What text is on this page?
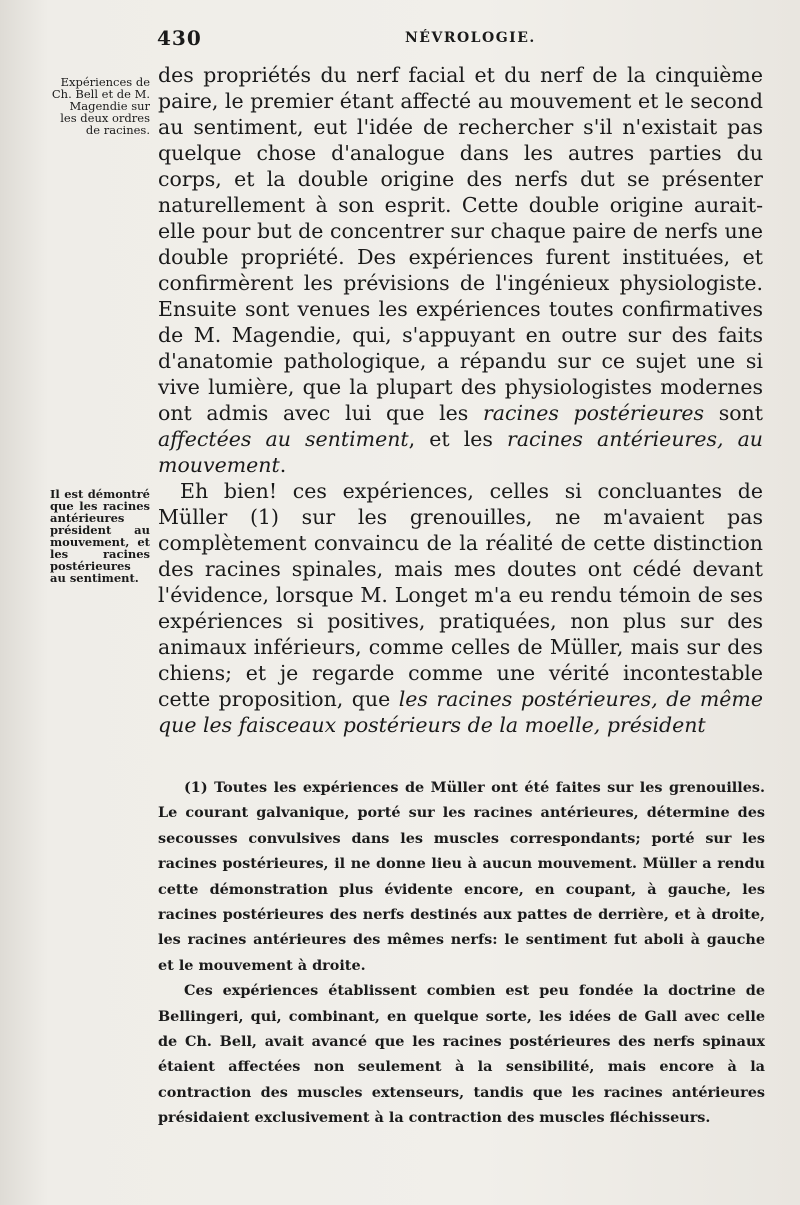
430	NÉVROLOGIE.
Expériences de Ch. Bell et de M. Magendie sur les deux ordres de racines.
Il est démontré que les racines antérieures président au mouvement, et les racines postérieures au sentiment.

des propriétés du nerf facial et du nerf de la cinquième paire, le premier étant affecté au mouvement et le second au sentiment, eut l'idée de rechercher s'il n'existait pas quelque chose d'analogue dans les autres parties du corps, et la double origine des nerfs dut se présenter naturellement à son esprit. Cette double origine aurait-elle pour but de concentrer sur chaque paire de nerfs une double propriété. Des expériences furent instituées, et confirmèrent les prévisions de l'ingénieux physiologiste. Ensuite sont venues les expériences toutes confirmatives de M. Magendie, qui, s'appuyant en outre sur des faits d'anatomie pathologique, a répandu sur ce sujet une si vive lumière, que la plupart des physiologistes modernes ont admis avec lui que les racines postérieures sont affectées au sentiment, et les racines antérieures, au mouvement.

Eh bien! ces expériences, celles si concluantes de Müller (1) sur les grenouilles, ne m'avaient pas complètement convaincu de la réalité de cette distinction des racines spinales, mais mes doutes ont cédé devant l'évidence, lorsque M. Longet m'a eu rendu témoin de ses expériences si positives, pratiquées, non plus sur des animaux inférieurs, comme celles de Müller, mais sur des chiens; et je regarde comme une vérité incontestable cette proposition, que les racines postérieures, de même que les faisceaux postérieurs de la moelle, président

(1) Toutes les expériences de Müller ont été faites sur les grenouilles. Le courant galvanique, porté sur les racines antérieures, détermine des secousses convulsives dans les muscles correspondants; porté sur les racines postérieures, il ne donne lieu à aucun mouvement. Müller a rendu cette démonstration plus évidente encore, en coupant, à gauche, les racines postérieures des nerfs destinés aux pattes de derrière, et à droite, les racines antérieures des mêmes nerfs: le sentiment fut aboli à gauche et le mouvement à droite.

Ces expériences établissent combien est peu fondée la doctrine de Bellingeri, qui, combinant, en quelque sorte, les idées de Gall avec celle de Ch. Bell, avait avancé que les racines postérieures des nerfs spinaux étaient affectées non seulement à la sensibilité, mais encore à la contraction des muscles extenseurs, tandis que les racines antérieures présidaient exclusivement à la contraction des muscles fléchisseurs.
